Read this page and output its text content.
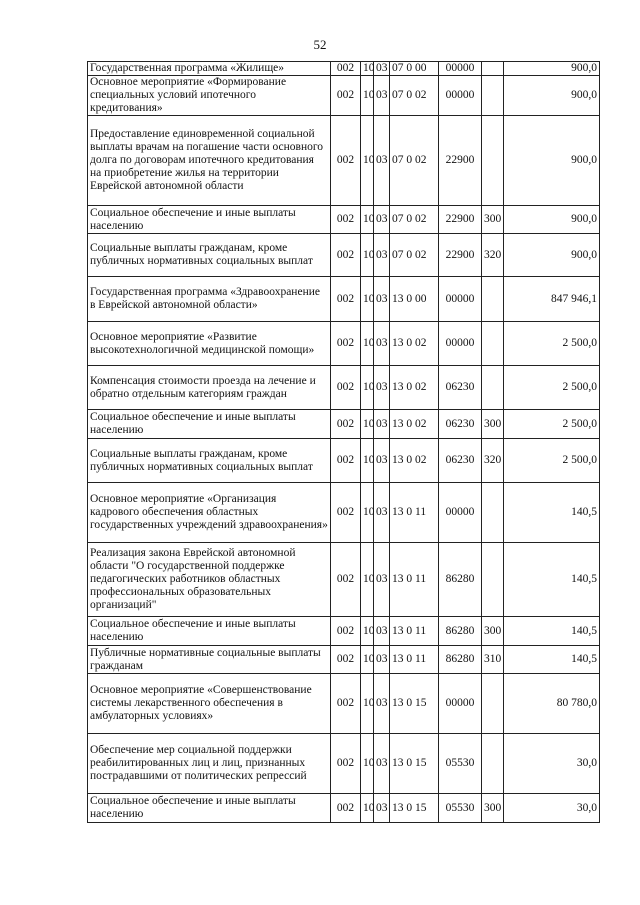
52
Государственная программа «Жилище»	002	10	03	07 0 00	00000		900,0
Основное мероприятие «Формирование специальных условий ипотечного кредитования»	002	10	03	07 0 02	00000		900,0
Предоставление единовременной социальной выплаты врачам на погашение части основного долга по договорам ипотечного кредитования на приобретение жилья на территории Еврейской автономной области	002	10	03	07 0 02	22900		900,0
Социальное обеспечение и иные выплаты населению	002	10	03	07 0 02	22900	300	900,0
Социальные выплаты гражданам, кроме публичных нормативных социальных выплат	002	10	03	07 0 02	22900	320	900,0
Государственная программа «Здравоохранение в Еврейской автономной области»	002	10	03	13 0 00	00000		847 946,1
Основное мероприятие «Развитие высокотехнологичной медицинской помощи»	002	10	03	13 0 02	00000		2 500,0
Компенсация стоимости проезда на лечение и обратно отдельным категориям граждан	002	10	03	13 0 02	06230		2 500,0
Социальное обеспечение и иные выплаты населению	002	10	03	13 0 02	06230	300	2 500,0
Социальные выплаты гражданам, кроме публичных нормативных социальных выплат	002	10	03	13 0 02	06230	320	2 500,0
Основное мероприятие «Организация кадрового обеспечения областных государственных учреждений здравоохранения»	002	10	03	13 0 11	00000		140,5
Реализация закона Еврейской автономной области "О государственной поддержке педагогических работников областных профессиональных образовательных организаций"	002	10	03	13 0 11	86280		140,5
Социальное обеспечение и иные выплаты населению	002	10	03	13 0 11	86280	300	140,5
Публичные нормативные социальные выплаты гражданам	002	10	03	13 0 11	86280	310	140,5
Основное мероприятие «Совершенствование системы лекарственного обеспечения в амбулаторных условиях»	002	10	03	13 0 15	00000		80 780,0
Обеспечение мер социальной поддержки реабилитированных лиц и лиц, признанных пострадавшими от политических репрессий	002	10	03	13 0 15	05530		30,0
Социальное обеспечение и иные выплаты населению	002	10	03	13 0 15	05530	300	30,0
